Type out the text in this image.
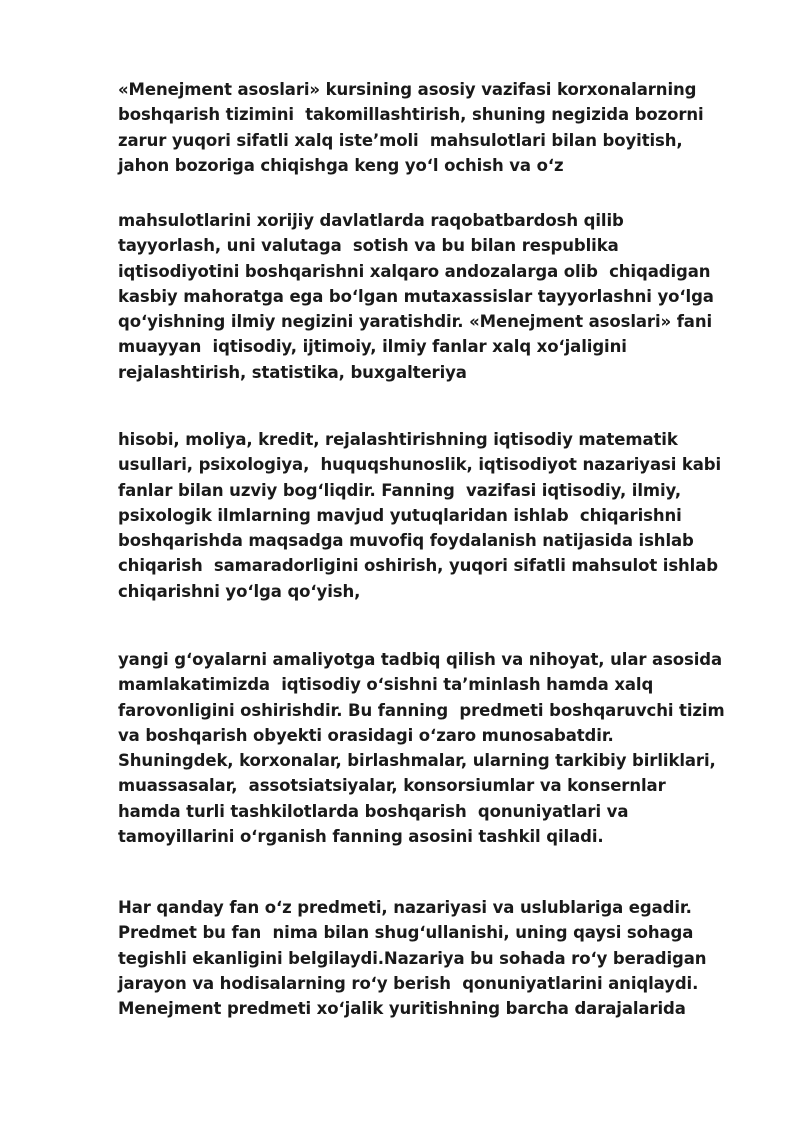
«Menejment asoslari» kursining asosiy vazifasi korxonalarning
boshqarish tizimini  takomillashtirish, shuning negizida bozorni
zarur yuqori sifatli xalq iste’moli  mahsulotlari bilan boyitish,
jahon bozoriga chiqishga keng yoʻl ochish va oʻz
mahsulotlarini xorijiy davlatlarda raqobatbardosh qilib
tayyorlash, uni valutaga  sotish va bu bilan respublika
iqtisodiyotini boshqarishni xalqaro andozalarga olib  chiqadigan
kasbiy mahoratga ega boʻlgan mutaxassislar tayyorlashni yoʻlga
qoʻyishning ilmiy negizini yaratishdir. «Menejment asoslari» fani
muayyan  iqtisodiy, ijtimoiy, ilmiy fanlar xalq xoʻjaligini
rejalashtirish, statistika, buxgalteriya
hisobi, moliya, kredit, rejalashtirishning iqtisodiy matematik
usullari, psixologiya,  huquqshunoslik, iqtisodiyot nazariyasi kabi
fanlar bilan uzviy bogʻliqdir. Fanning  vazifasi iqtisodiy, ilmiy,
psixologik ilmlarning mavjud yutuqlaridan ishlab  chiqarishni
boshqarishda maqsadga muvofiq foydalanish natijasida ishlab
chiqarish  samaradorligini oshirish, yuqori sifatli mahsulot ishlab
chiqarishni yoʻlga qoʻyish,
yangi gʻoyalarni amaliyotga tadbiq qilish va nihoyat, ular asosida
mamlakatimizda  iqtisodiy oʻsishni ta’minlash hamda xalq
farovonligini oshirishdir. Bu fanning  predmeti boshqaruvchi tizim
va boshqarish obyekti orasidagi oʻzaro munosabatdir.
Shuningdek, korxonalar, birlashmalar, ularning tarkibiy birliklari,
muassasalar,  assotsiatsiyalar, konsorsiumlar va konsernlar
hamda turli tashkilotlarda boshqarish  qonuniyatlari va
tamoyillarini oʻrganish fanning asosini tashkil qiladi.
Har qanday fan oʻz predmeti, nazariyasi va uslublariga egadir.
Predmet bu fan  nima bilan shugʻullanishi, uning qaysi sohaga
tegishli ekanligini belgilaydi.Nazariya bu sohada roʻy beradigan
jarayon va hodisalarning roʻy berish  qonuniyatlarini aniqlaydi.
Menejment predmeti xoʻjalik yuritishning barcha darajalarida
